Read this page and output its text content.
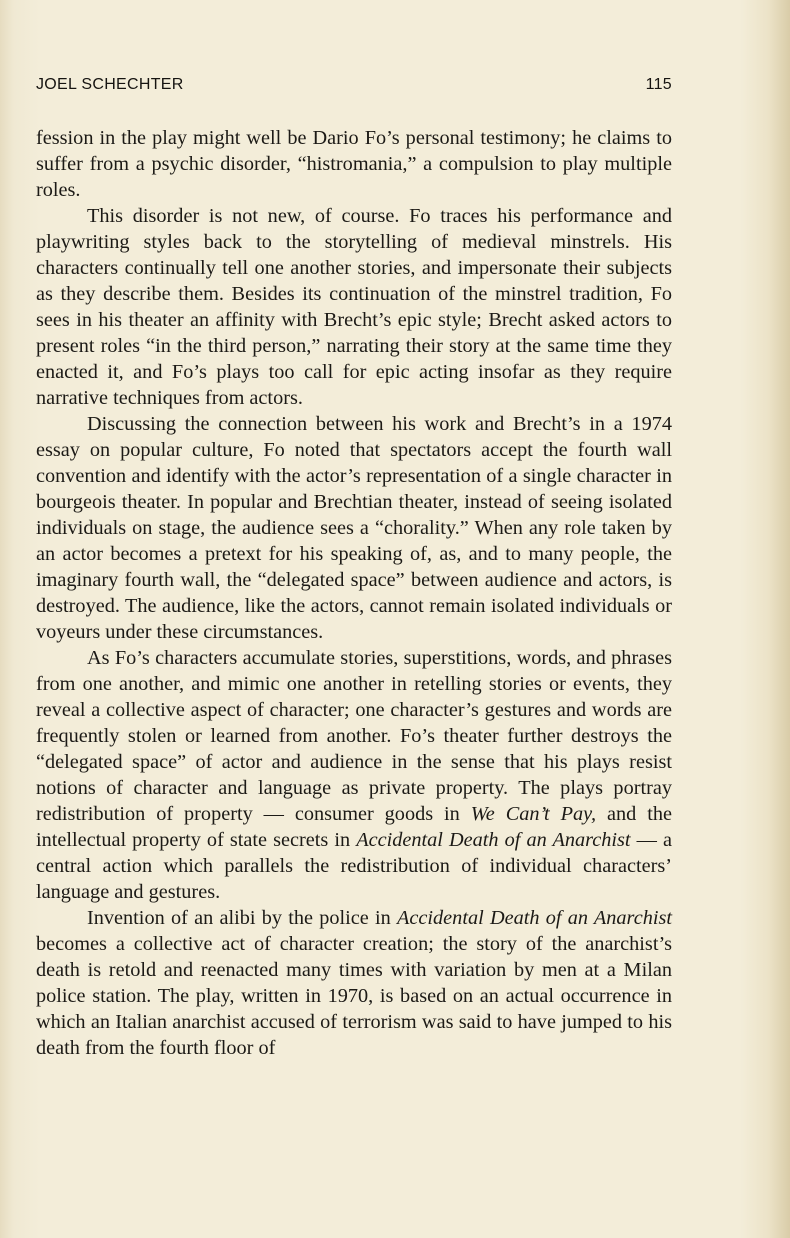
JOEL SCHECHTER	115

fession in the play might well be Dario Fo’s personal testimony; he claims to suffer from a psychic disorder, “histromania,” a compulsion to play multiple roles.

This disorder is not new, of course. Fo traces his performance and playwriting styles back to the storytelling of medieval minstrels. His characters continually tell one another stories, and impersonate their subjects as they describe them. Besides its continuation of the minstrel tradition, Fo sees in his theater an affinity with Brecht’s epic style; Brecht asked actors to present roles “in the third person,” narrating their story at the same time they enacted it, and Fo’s plays too call for epic acting insofar as they require narrative techniques from actors.

Discussing the connection between his work and Brecht’s in a 1974 essay on popular culture, Fo noted that spectators accept the fourth wall convention and identify with the actor’s representation of a single character in bourgeois theater. In popular and Brechtian theater, instead of seeing isolated individuals on stage, the audience sees a “chorality.” When any role taken by an actor becomes a pretext for his speaking of, as, and to many people, the imaginary fourth wall, the “delegated space” between audience and actors, is destroyed. The audience, like the actors, cannot remain isolated individuals or voyeurs under these circumstances.

As Fo’s characters accumulate stories, superstitions, words, and phrases from one another, and mimic one another in retelling stories or events, they reveal a collective aspect of character; one character’s gestures and words are frequently stolen or learned from another. Fo’s theater further destroys the “delegated space” of actor and audience in the sense that his plays resist notions of character and language as private property. The plays portray redistribution of property — consumer goods in We Can’t Pay, and the intellectual property of state secrets in Accidental Death of an Anarchist — a central action which parallels the redistribution of individual characters’ language and gestures.

Invention of an alibi by the police in Accidental Death of an Anarchist becomes a collective act of character creation; the story of the anarchist’s death is retold and reenacted many times with variation by men at a Milan police station. The play, written in 1970, is based on an actual occurrence in which an Italian anarchist accused of terrorism was said to have jumped to his death from the fourth floor of
